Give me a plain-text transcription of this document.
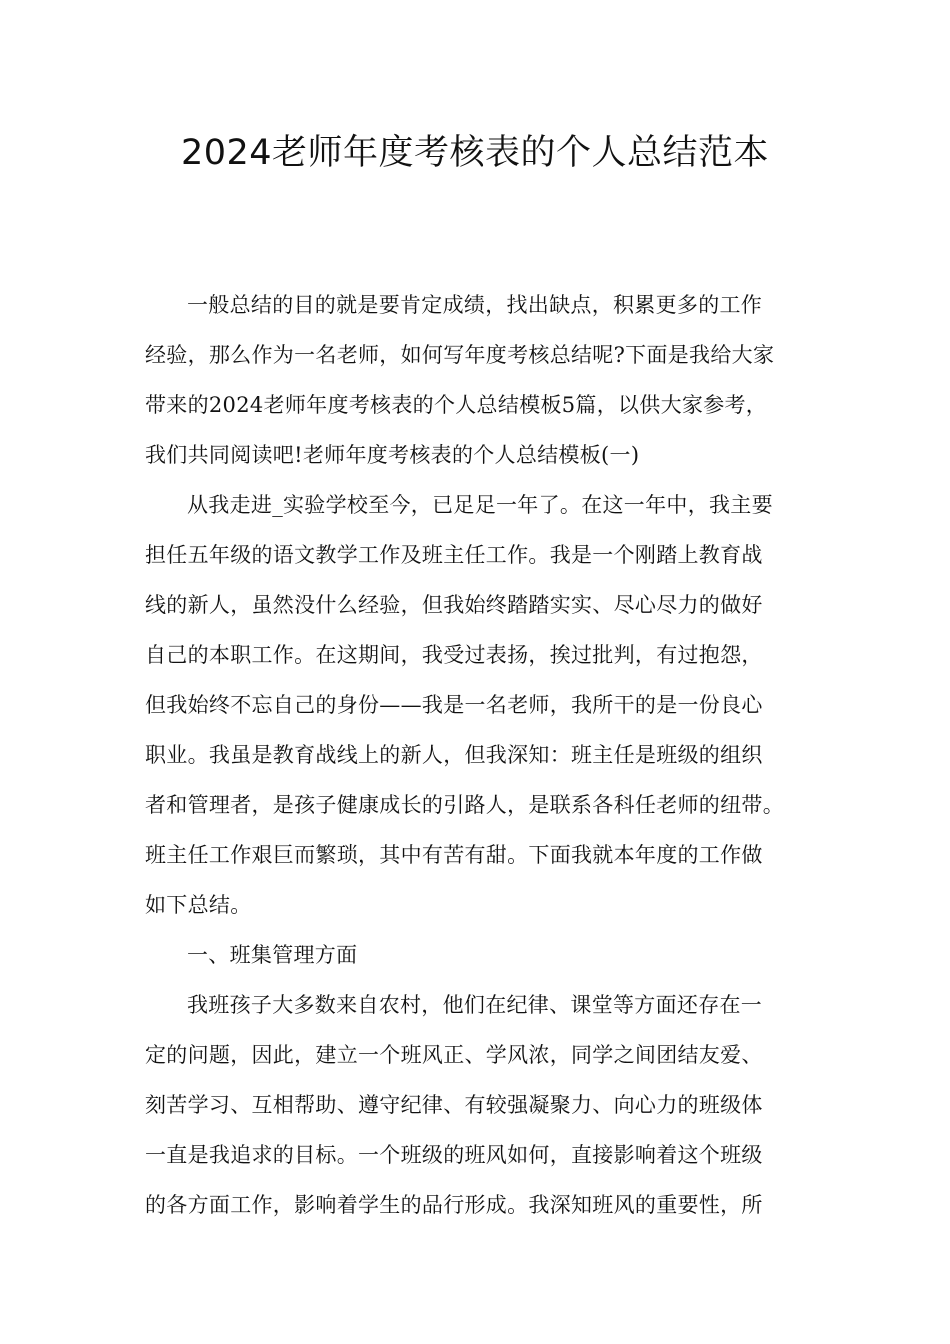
2024老师年度考核表的个人总结范本
一般总结的目的就是要肯定成绩，找出缺点，积累更多的工作
经验，那么作为一名老师，如何写年度考核总结呢?下面是我给大家
带来的2024老师年度考核表的个人总结模板5篇，以供大家参考，
我们共同阅读吧!老师年度考核表的个人总结模板(一)
从我走进_实验学校至今，已足足一年了。在这一年中，我主要
担任五年级的语文教学工作及班主任工作。我是一个刚踏上教育战
线的新人，虽然没什么经验，但我始终踏踏实实、尽心尽力的做好
自己的本职工作。在这期间，我受过表扬，挨过批判，有过抱怨，
但我始终不忘自己的身份——我是一名老师，我所干的是一份良心
职业。我虽是教育战线上的新人，但我深知：班主任是班级的组织
者和管理者，是孩子健康成长的引路人，是联系各科任老师的纽带。
班主任工作艰巨而繁琐，其中有苦有甜。下面我就本年度的工作做
如下总结。
一、班集管理方面
我班孩子大多数来自农村，他们在纪律、课堂等方面还存在一
定的问题，因此，建立一个班风正、学风浓，同学之间团结友爱、
刻苦学习、互相帮助、遵守纪律、有较强凝聚力、向心力的班级体
一直是我追求的目标。一个班级的班风如何，直接影响着这个班级
的各方面工作，影响着学生的品行形成。我深知班风的重要性，所
